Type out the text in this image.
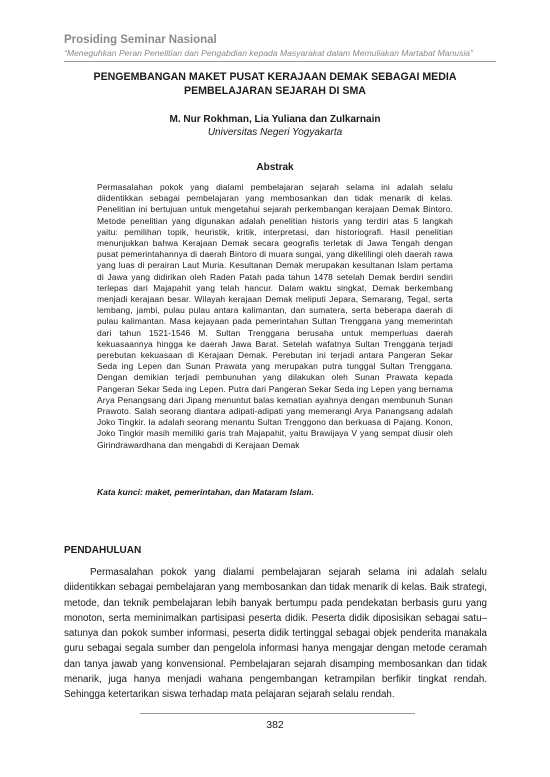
Prosiding Seminar Nasional
“Meneguhkan Peran Penelitian dan Pengabdian kepada Masyarakat dalam Memuliakan Martabat Manusia”
PENGEMBANGAN MAKET PUSAT KERAJAAN DEMAK SEBAGAI MEDIA PEMBELAJARAN SEJARAH DI SMA
M. Nur Rokhman, Lia Yuliana dan Zulkarnain
Universitas Negeri Yogyakarta
Abstrak
Permasalahan pokok yang dialami pembelajaran sejarah selama ini adalah selalu diidentikkan sebagai pembelajaran yang membosankan dan tidak menarik di kelas. Penelitian ini bertujuan untuk mengetahui sejarah perkembangan kerajaan Demak Bintoro. Metode penelitian yang digunakan adalah penelitian historis yang terdiri atas 5 langkah yaitu: pemilihan topik, heuristik, kritik, interpretasi, dan historiografi. Hasil penelitian menunjukkan bahwa Kerajaan Demak secara geografis terletak di Jawa Tengah dengan pusat pemerintahannya di daerah Bintoro di muara sungai, yang dikelilingi oleh daerah rawa yang luas di perairan Laut Muria. Kesultanan Demak merupakan kesultanan Islam pertama di Jawa yang didirikan oleh Raden Patah pada tahun 1478 setelah Demak berdiri sendiri terlepas dari Majapahit yang telah hancur. Dalam waktu singkat, Demak berkembang menjadi kerajaan besar. Wilayah kerajaan Demak meliputi Jepara, Semarang, Tegal, serta lembang, jambi, pulau pulau antara kalimantan, dan sumatera, serta beberapa daerah di pulau kalimantan. Masa kejayaan pada pemerintahan Sultan Trenggana yang memerintah dari tahun 1521-1546 M. Sultan Trenggana berusaha untuk memperluas daerah kekuasaannya hingga ke daerah Jawa Barat. Setelah wafatnya Sultan Trenggana terjadi perebutan kekuasaan di Kerajaan Demak. Perebutan ini terjadi antara Pangeran Sekar Seda ing Lepen dan Sunan Prawata yang merupakan putra tunggal Sultan Trenggana. Dengan demikian terjadi pembunuhan yang dilakukan oleh Sunan Prawata kepada Pangeran Sekar Seda ing Lepen. Putra dari Pangeran Sekar Seda ing Lepen yang bernama Arya Penangsang dari Jipang menuntut balas kematian ayahnya dengan membunuh Sunan Prawoto. Salah seorang diantara adipati-adipati yang memerangi Arya Panangsang adalah Joko Tingkir. Ia adalah seorang menantu Sultan Trenggono dan berkuasa di Pajang. Konon, Joko Tingkir masih memiliki garis trah Majapahit, yaitu Brawijaya V yang sempat diusir oleh Girindrawardhana dan mengabdi di Kerajaan Demak
Kata kunci: maket, pemerintahan, dan Mataram Islam.
PENDAHULUAN
Permasalahan pokok yang dialami pembelajaran sejarah selama ini adalah selalu diidentikkan sebagai pembelajaran yang membosankan dan tidak menarik di kelas. Baik strategi, metode, dan teknik pembelajaran lebih banyak bertumpu pada pendekatan berbasis guru yang monoton, serta meminimalkan partisipasi peserta didik. Peserta didik diposisikan sebagai satu–satunya dan pokok sumber informasi, peserta didik tertinggal sebagai objek penderita manakala guru sebagai segala sumber dan pengelola informasi hanya mengajar dengan metode ceramah dan tanya jawab yang konvensional. Pembelajaran sejarah disamping membosankan dan tidak menarik, juga hanya menjadi wahana pengembangan ketrampilan berfikir tingkat rendah. Sehingga ketertarikan siswa terhadap mata pelajaran sejarah selalu rendah.
382
